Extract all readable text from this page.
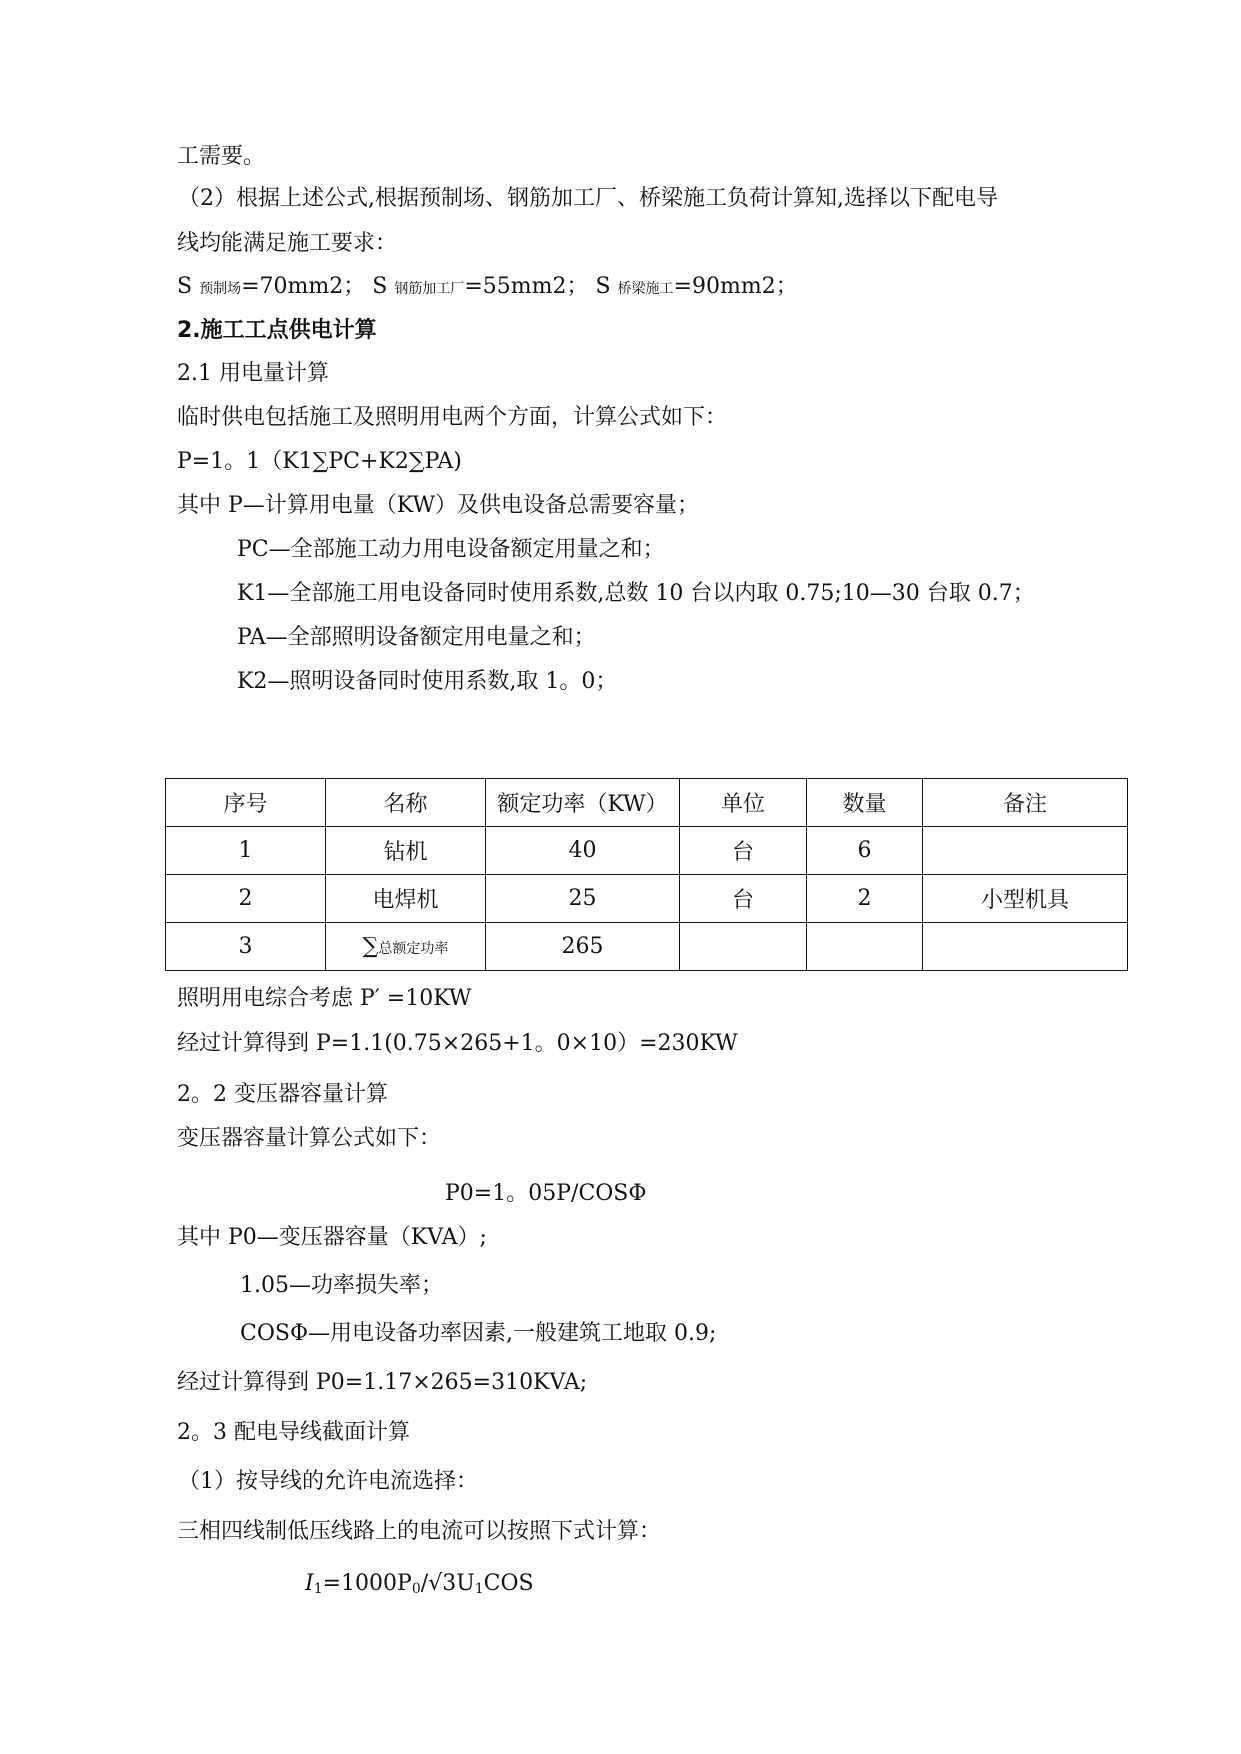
工需要。
（2）根据上述公式,根据预制场、钢筋加工厂、桥梁施工负荷计算知,选择以下配电导
线均能满足施工要求：
S 预制场=70mm2； S 钢筋加工厂=55mm2； S 桥梁施工=90mm2；
2.施工工点供电计算
2.1 用电量计算
临时供电包括施工及照明用电两个方面，计算公式如下：
P=1。1（K1∑PC+K2∑PA)
其中 P—计算用电量（KW）及供电设备总需要容量；
PC—全部施工动力用电设备额定用量之和；
K1—全部施工用电设备同时使用系数,总数 10 台以内取 0.75;10—30 台取 0.7；
PA—全部照明设备额定用电量之和；
K2—照明设备同时使用系数,取 1。0；
序号	名称	额定功率（KW）	单位	数量	备注
1	钻机	40	台	6	
2	电焊机	25	台	2	小型机具
3	∑总额定功率	265			
照明用电综合考虑 P′ =10KW
经过计算得到 P=1.1(0.75×265+1。0×10）=230KW
2。2 变压器容量计算
变压器容量计算公式如下：
P0=1。05P/COSΦ
其中 P0—变压器容量（KVA）;
1.05—功率损失率；
COSΦ—用电设备功率因素,一般建筑工地取 0.9;
经过计算得到 P0=1.17×265=310KVA;
2。3 配电导线截面计算
（1）按导线的允许电流选择：
三相四线制低压线路上的电流可以按照下式计算：
$I_1=1000P_0/√3U_1COS$
